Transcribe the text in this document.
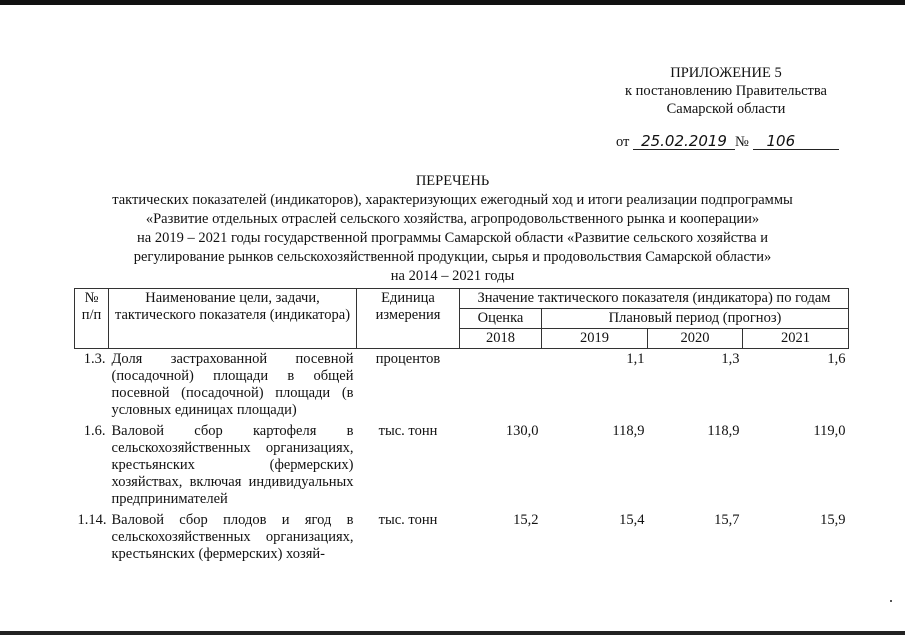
ПРИЛОЖЕНИЕ 5
к постановлению Правительства
Самарской области
от 25.02.2019 № 106
ПЕРЕЧЕНЬ
тактических показателей (индикаторов), характеризующих ежегодный ход и итоги реализации подпрограммы
«Развитие отдельных отраслей сельского хозяйства, агропродовольственного рынка и кооперации»
на 2019 – 2021 годы государственной программы Самарской области «Развитие сельского хозяйства и
регулирование рынков сельскохозяйственной продукции, сырья и продовольствия Самарской области»
на 2014 – 2021 годы
№ п/п	Наименование цели, задачи, тактического показателя (индикатора)	Единица измерения	Значение тактического показателя (индикатора) по годам			
			Оценка	Плановый период (прогноз)		
			2018	2019	2020	2021
1.3.	Доля застрахованной посевной (посадочной) площади в общей посевной (посадочной) площади (в условных единицах площади)	процентов		1,1	1,3	1,6
1.6.	Валовой сбор картофеля в сельскохозяйственных организациях, крестьянских (фермерских) хозяйствах, включая индивидуальных предпринимателей	тыс. тонн	130,0	118,9	118,9	119,0
1.14.	Валовой сбор плодов и ягод в сельскохозяйственных организациях, крестьянских (фермерских) хозяй-	тыс. тонн	15,2	15,4	15,7	15,9
